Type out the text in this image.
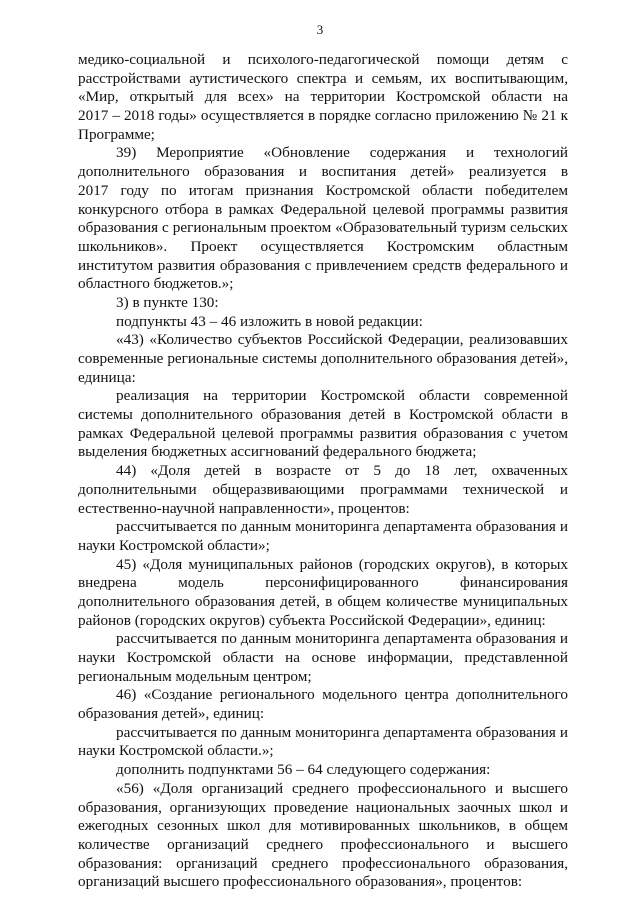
3
медико-социальной и психолого-педагогической помощи детям с
расстройствами аутистического спектра и семьям, их воспитывающим,
«Мир, открытый для всех» на территории Костромской области на
2017 – 2018 годы» осуществляется в порядке согласно приложению № 21 к
Программе;
39) Мероприятие «Обновление содержания и технологий
дополнительного образования и воспитания детей» реализуется в
2017 году по итогам признания Костромской области победителем
конкурсного отбора в рамках Федеральной целевой программы развития
образования с региональным проектом «Образовательный туризм сельских
школьников». Проект осуществляется Костромским областным
институтом развития образования с привлечением средств федерального и
областного бюджетов.»;
3) в пункте 130:
подпункты 43 – 46 изложить в новой редакции:
«43) «Количество субъектов Российской Федерации, реализовавших
современные региональные системы дополнительного образования детей»,
единица:
реализация на территории Костромской области современной
системы дополнительного образования детей в Костромской области в
рамках Федеральной целевой программы развития образования с учетом
выделения бюджетных ассигнований федерального бюджета;
44) «Доля детей в возрасте от 5 до 18 лет, охваченных
дополнительными общеразвивающими программами технической и
естественно-научной направленности», процентов:
рассчитывается по данным мониторинга департамента образования и
науки Костромской области»;
45) «Доля муниципальных районов (городских округов), в которых
внедрена модель персонифицированного финансирования
дополнительного образования детей, в общем количестве муниципальных
районов (городских округов) субъекта Российской Федерации», единиц:
рассчитывается по данным мониторинга департамента образования и
науки Костромской области на основе информации, представленной
региональным модельным центром;
46) «Создание регионального модельного центра дополнительного
образования детей», единиц:
рассчитывается по данным мониторинга департамента образования и
науки Костромской области.»;
дополнить подпунктами 56 – 64 следующего содержания:
«56) «Доля организаций среднего профессионального и высшего
образования, организующих проведение национальных заочных школ и
ежегодных сезонных школ для мотивированных школьников, в общем
количестве организаций среднего профессионального и высшего
образования: организаций среднего профессионального образования,
организаций высшего профессионального образования», процентов:
